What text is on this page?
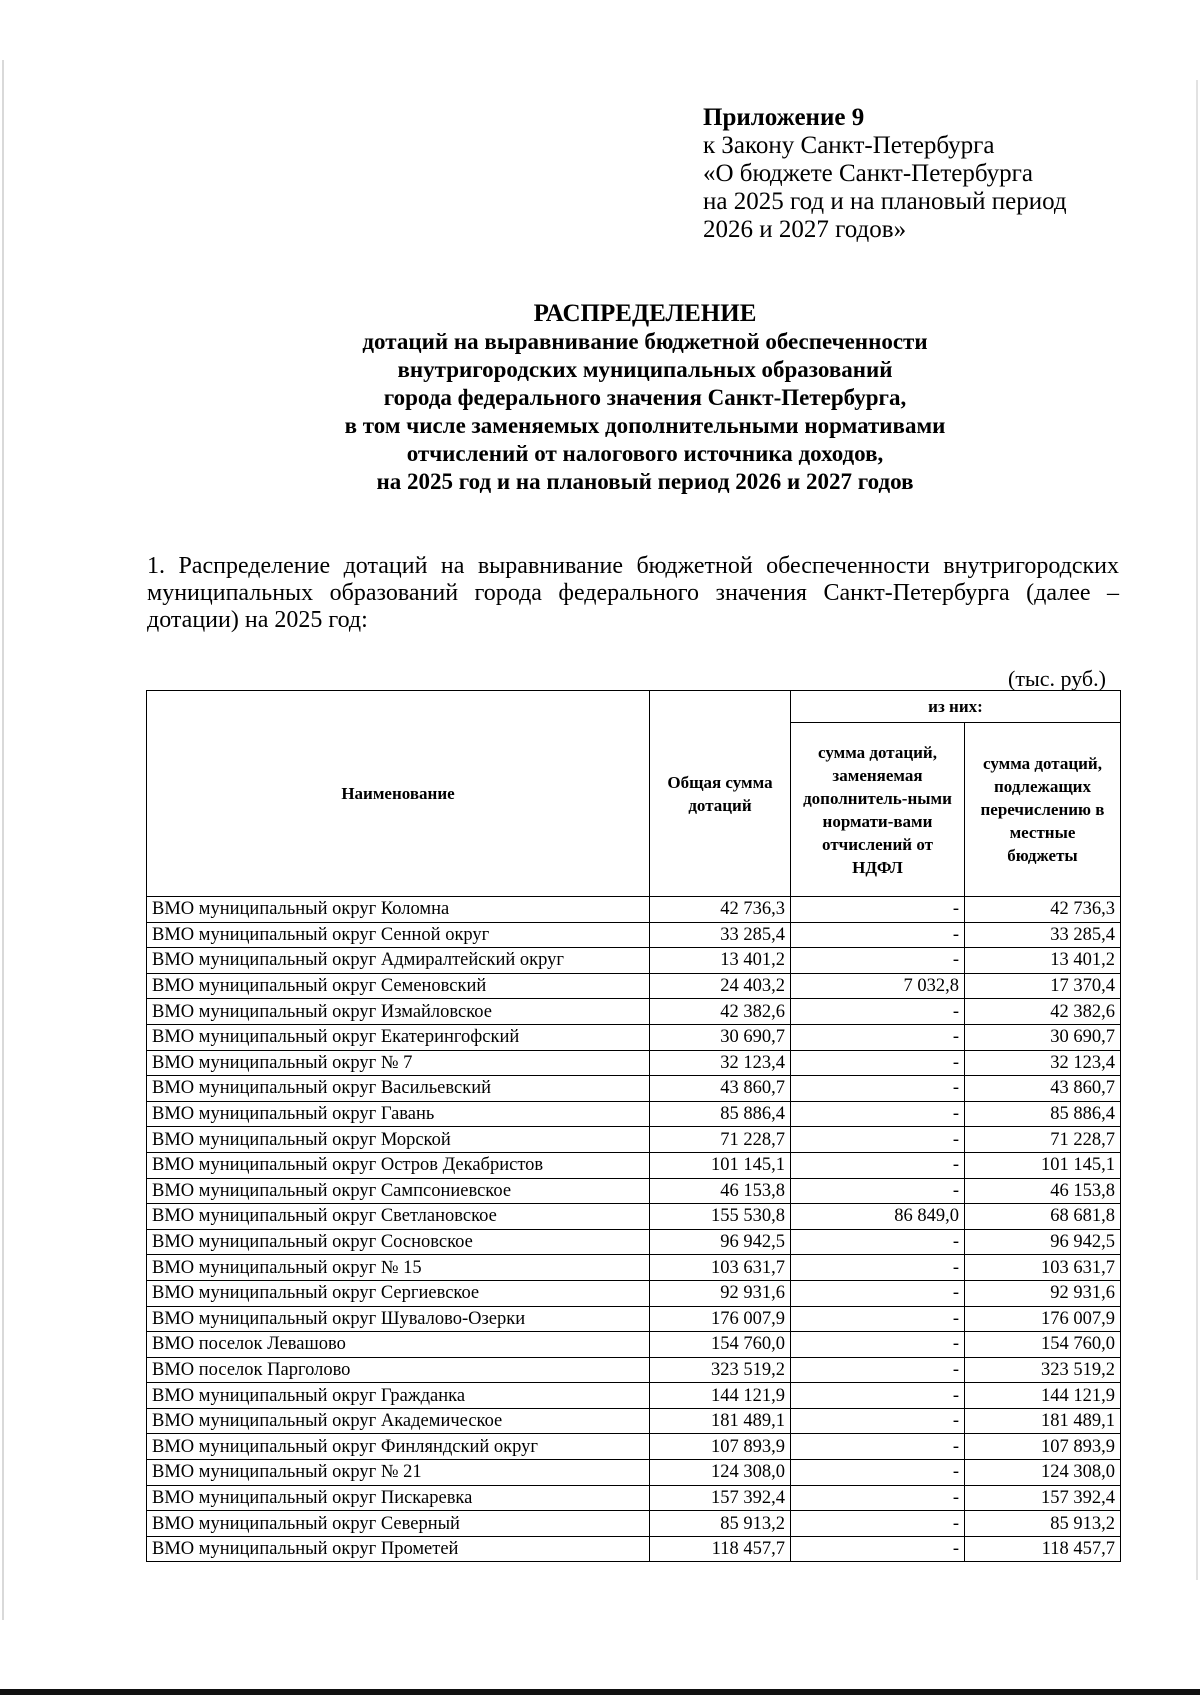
Приложение 9
к Закону Санкт-Петербурга
«О бюджете Санкт-Петербурга
на 2025 год и на плановый период
2026 и 2027 годов»
РАСПРЕДЕЛЕНИЕ
дотаций на выравнивание бюджетной обеспеченности
внутригородских муниципальных образований
города федерального значения Санкт-Петербурга,
в том числе заменяемых дополнительными нормативами
отчислений от налогового источника доходов,
на 2025 год и на плановый период 2026 и 2027 годов
1. Распределение дотаций на выравнивание бюджетной обеспеченности внутригородских муниципальных образований города федерального значения Санкт-Петербурга (далее – дотации) на 2025 год:
(тыс. руб.)
Наименование	Общая сумма дотаций	из них:	
		сумма дотаций, заменяемая дополнитель-ными нормати-вами отчислений от НДФЛ	сумма дотаций, подлежащих перечислению в местные бюджеты
ВМО муниципальный округ Коломна	42 736,3	-	42 736,3
ВМО муниципальный округ Сенной округ	33 285,4	-	33 285,4
ВМО муниципальный округ Адмиралтейский округ	13 401,2	-	13 401,2
ВМО муниципальный округ Семеновский	24 403,2	7 032,8	17 370,4
ВМО муниципальный округ Измайловское	42 382,6	-	42 382,6
ВМО муниципальный округ Екатерингофский	30 690,7	-	30 690,7
ВМО муниципальный округ № 7	32 123,4	-	32 123,4
ВМО муниципальный округ Васильевский	43 860,7	-	43 860,7
ВМО муниципальный округ Гавань	85 886,4	-	85 886,4
ВМО муниципальный округ Морской	71 228,7	-	71 228,7
ВМО муниципальный округ Остров Декабристов	101 145,1	-	101 145,1
ВМО муниципальный округ Сампсониевское	46 153,8	-	46 153,8
ВМО муниципальный округ Светлановское	155 530,8	86 849,0	68 681,8
ВМО муниципальный округ Сосновское	96 942,5	-	96 942,5
ВМО муниципальный округ № 15	103 631,7	-	103 631,7
ВМО муниципальный округ Сергиевское	92 931,6	-	92 931,6
ВМО муниципальный округ Шувалово-Озерки	176 007,9	-	176 007,9
ВМО поселок Левашово	154 760,0	-	154 760,0
ВМО поселок Парголово	323 519,2	-	323 519,2
ВМО муниципальный округ Гражданка	144 121,9	-	144 121,9
ВМО муниципальный округ Академическое	181 489,1	-	181 489,1
ВМО муниципальный округ Финляндский округ	107 893,9	-	107 893,9
ВМО муниципальный округ № 21	124 308,0	-	124 308,0
ВМО муниципальный округ Пискаревка	157 392,4	-	157 392,4
ВМО муниципальный округ Северный	85 913,2	-	85 913,2
ВМО муниципальный округ Прометей	118 457,7	-	118 457,7
